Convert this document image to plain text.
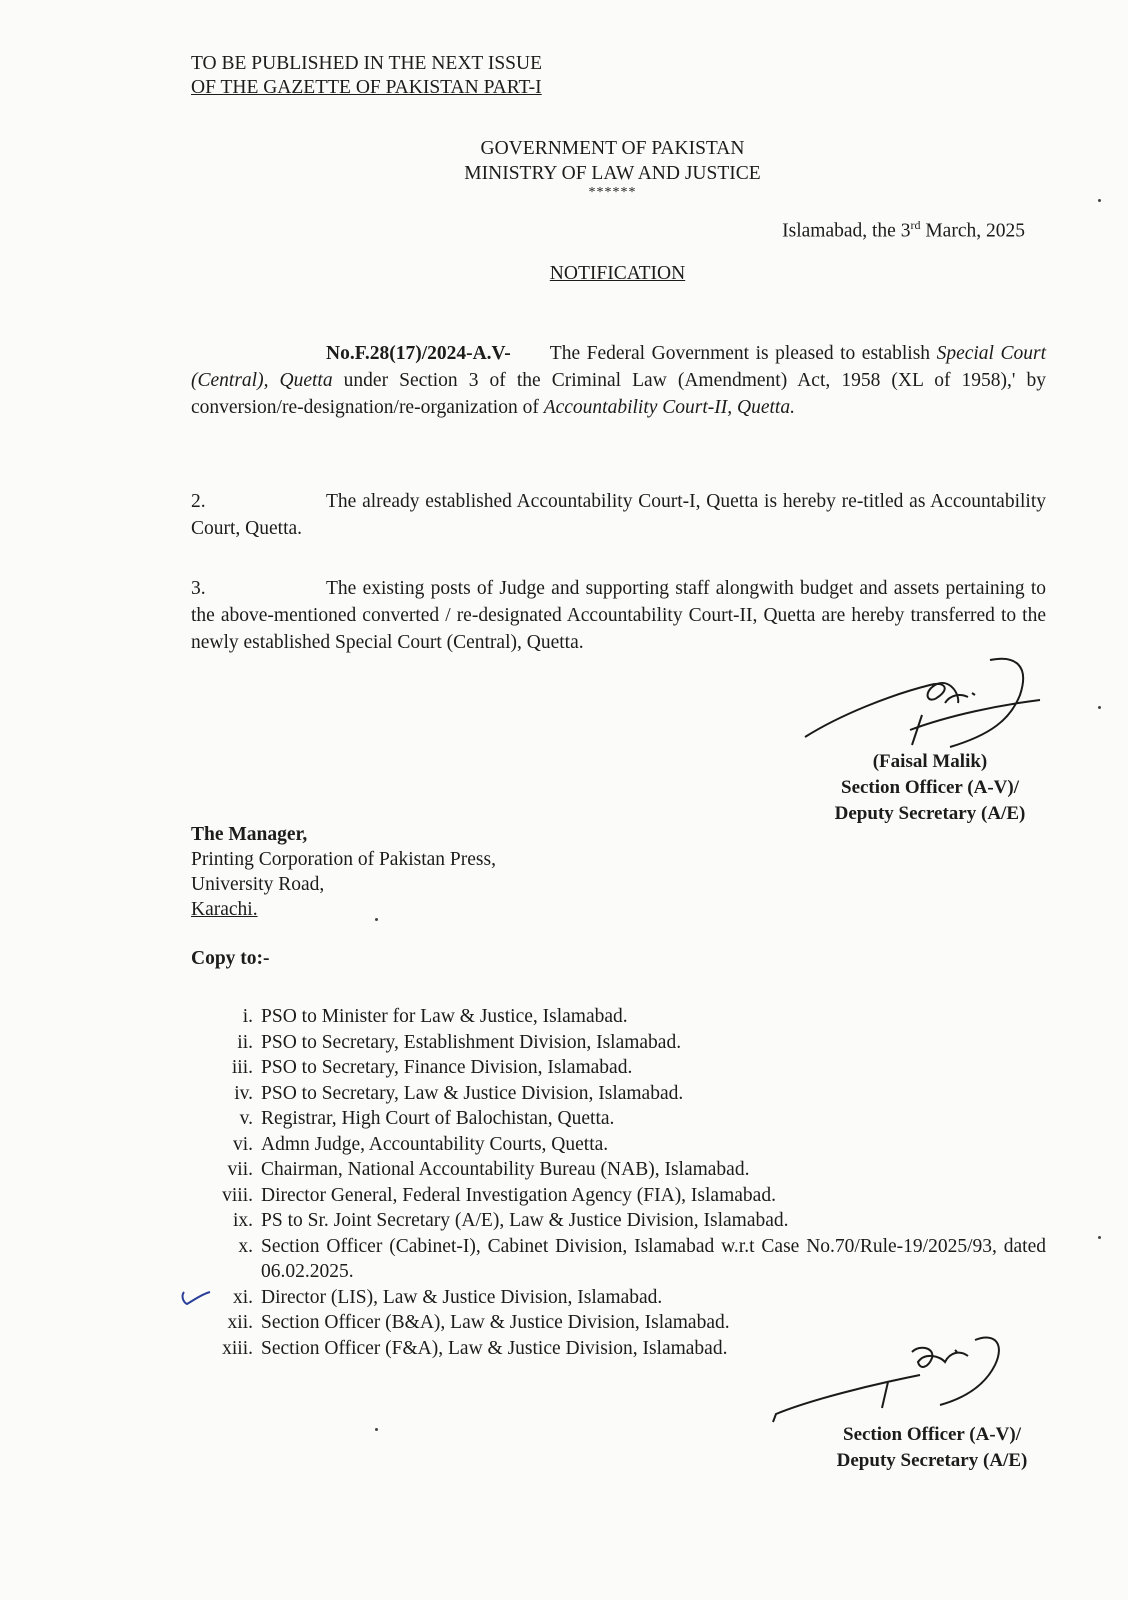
TO BE PUBLISHED IN THE NEXT ISSUE
OF THE GAZETTE OF PAKISTAN PART-I
GOVERNMENT OF PAKISTAN
MINISTRY OF LAW AND JUSTICE
******
Islamabad, the 3rd March, 2025
NOTIFICATION
No.F.28(17)/2024-A.V- The Federal Government is pleased to establish Special Court (Central), Quetta under Section 3 of the Criminal Law (Amendment) Act, 1958 (XL of 1958),' by conversion/re-designation/re-organization of Accountability Court-II, Quetta.
2.	The already established Accountability Court-I, Quetta is hereby re-titled as Accountability Court, Quetta.
3.	The existing posts of Judge and supporting staff alongwith budget and assets pertaining to the above-mentioned converted / re-designated Accountability Court-II, Quetta are hereby transferred to the newly established Special Court (Central), Quetta.
(Faisal Malik)
Section Officer (A-V)/
Deputy Secretary (A/E)
The Manager,
Printing Corporation of Pakistan Press,
University Road,
Karachi.
Copy to:-
i. PSO to Minister for Law & Justice, Islamabad.
ii. PSO to Secretary, Establishment Division, Islamabad.
iii. PSO to Secretary, Finance Division, Islamabad.
iv. PSO to Secretary, Law & Justice Division, Islamabad.
v. Registrar, High Court of Balochistan, Quetta.
vi. Admn Judge, Accountability Courts, Quetta.
vii. Chairman, National Accountability Bureau (NAB), Islamabad.
viii. Director General, Federal Investigation Agency (FIA), Islamabad.
ix. PS to Sr. Joint Secretary (A/E), Law & Justice Division, Islamabad.
x. Section Officer (Cabinet-I), Cabinet Division, Islamabad w.r.t Case No.70/Rule-19/2025/93, dated 06.02.2025.
xi. Director (LIS), Law & Justice Division, Islamabad.
xii. Section Officer (B&A), Law & Justice Division, Islamabad.
xiii. Section Officer (F&A), Law & Justice Division, Islamabad.
Section Officer (A-V)/
Deputy Secretary (A/E)
